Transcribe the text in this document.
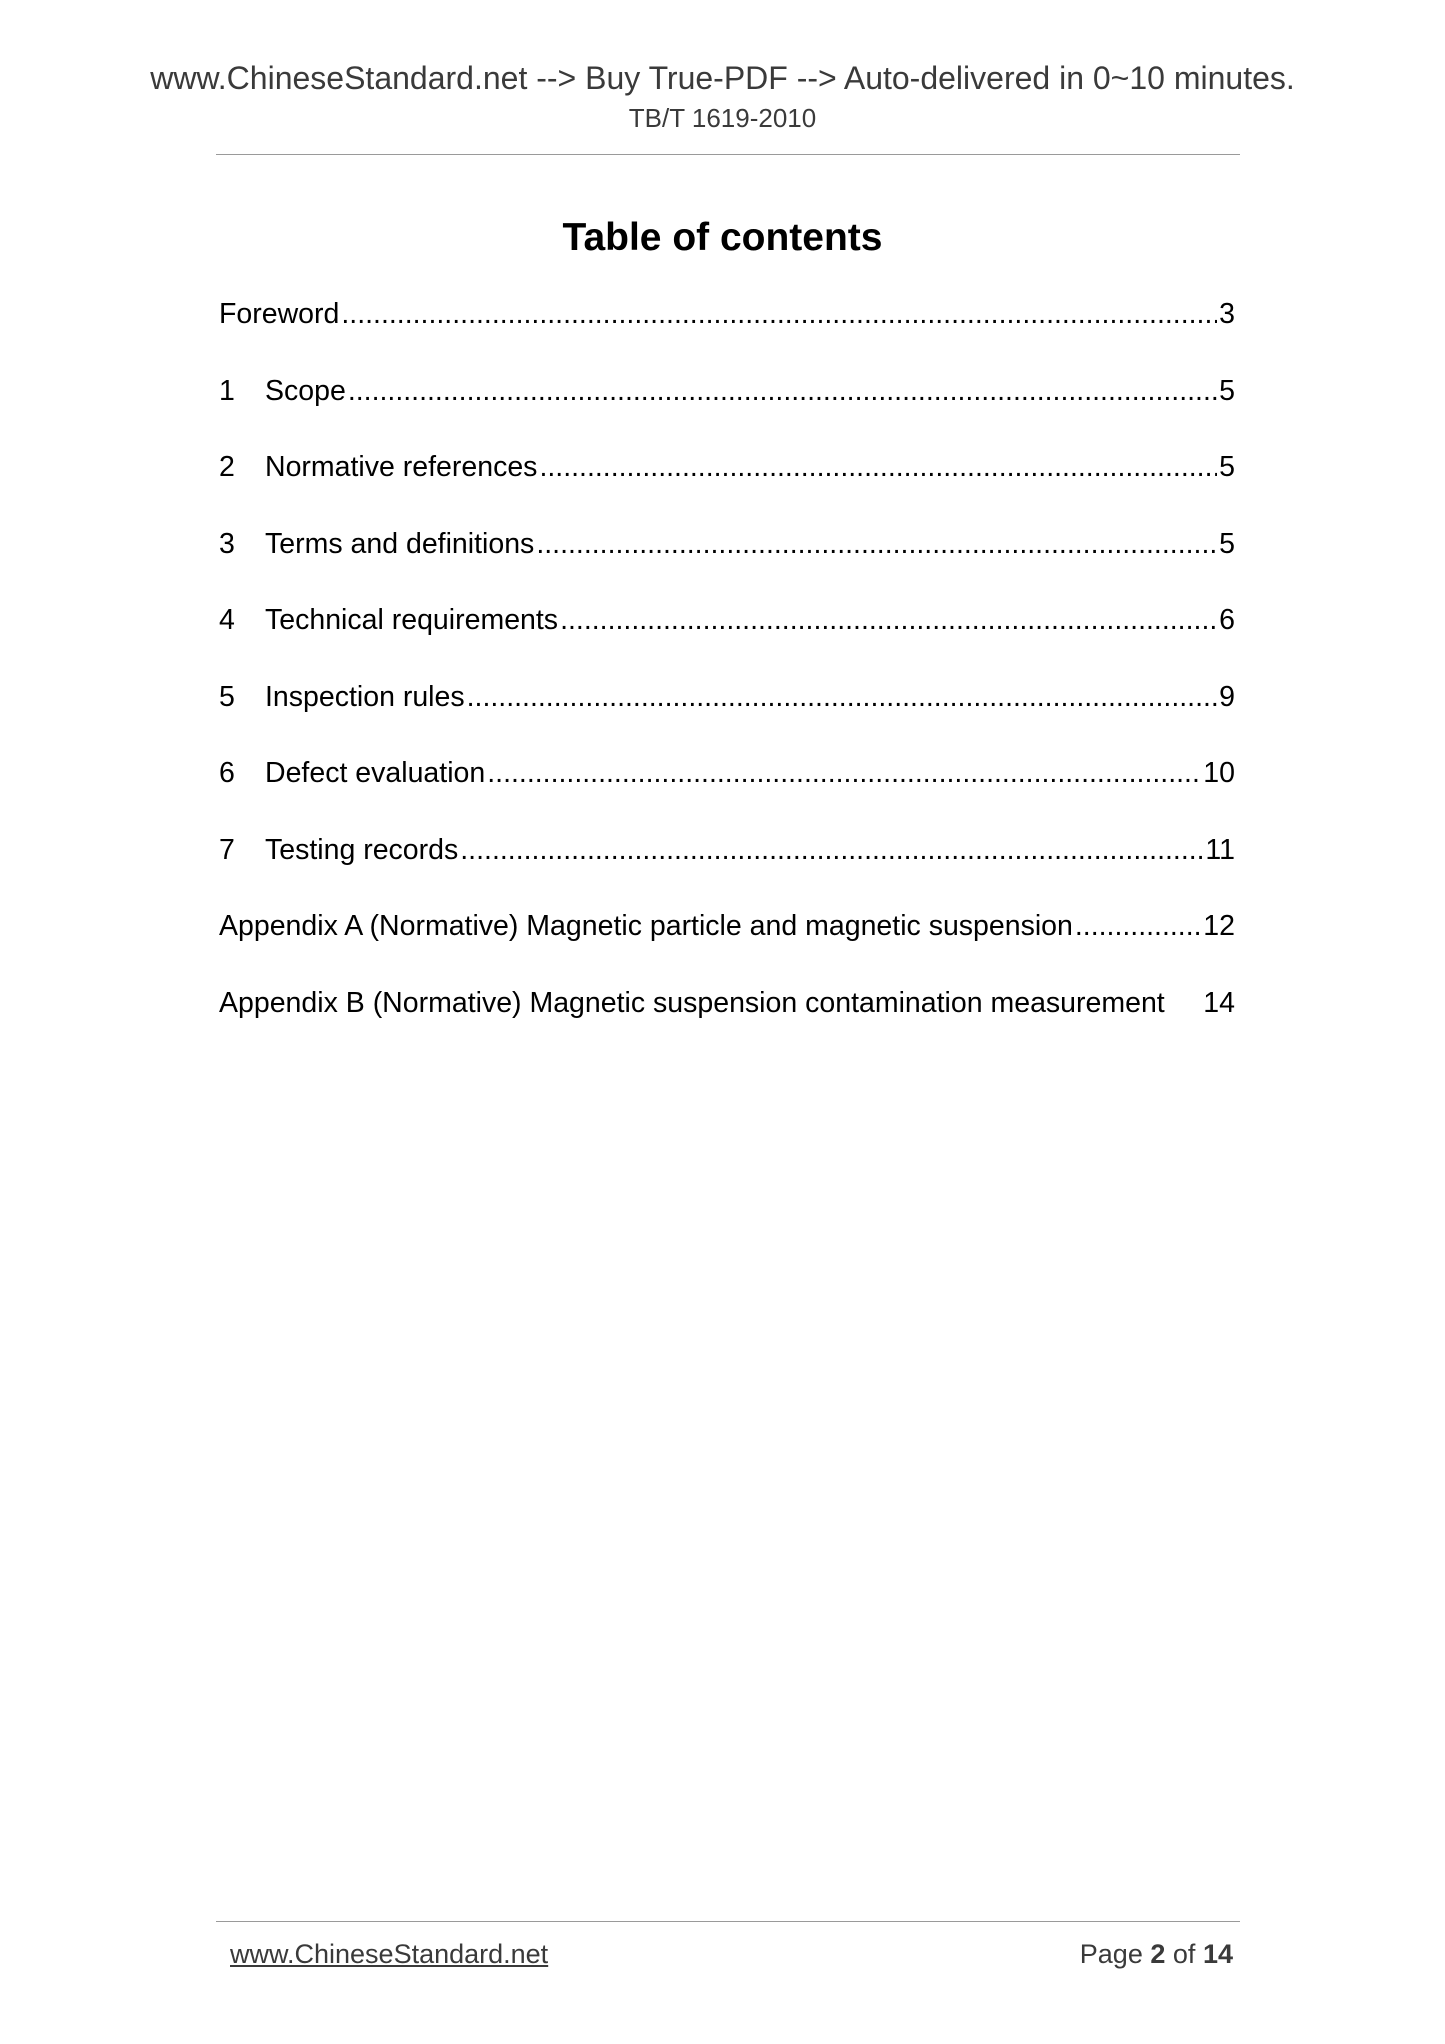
www.ChineseStandard.net --> Buy True-PDF --> Auto-delivered in 0~10 minutes.
TB/T 1619-2010
Table of contents
Foreword .....	3
1	Scope .....	5
2	Normative references .....	5
3	Terms and definitions .....	5
4	Technical requirements .....	6
5	Inspection rules .....	9
6	Defect evaluation .....	10
7	Testing records .....	11
Appendix A (Normative) Magnetic particle and magnetic suspension .....	12
Appendix B (Normative) Magnetic suspension contamination measurement	14
www.ChineseStandard.net	Page 2 of 14
